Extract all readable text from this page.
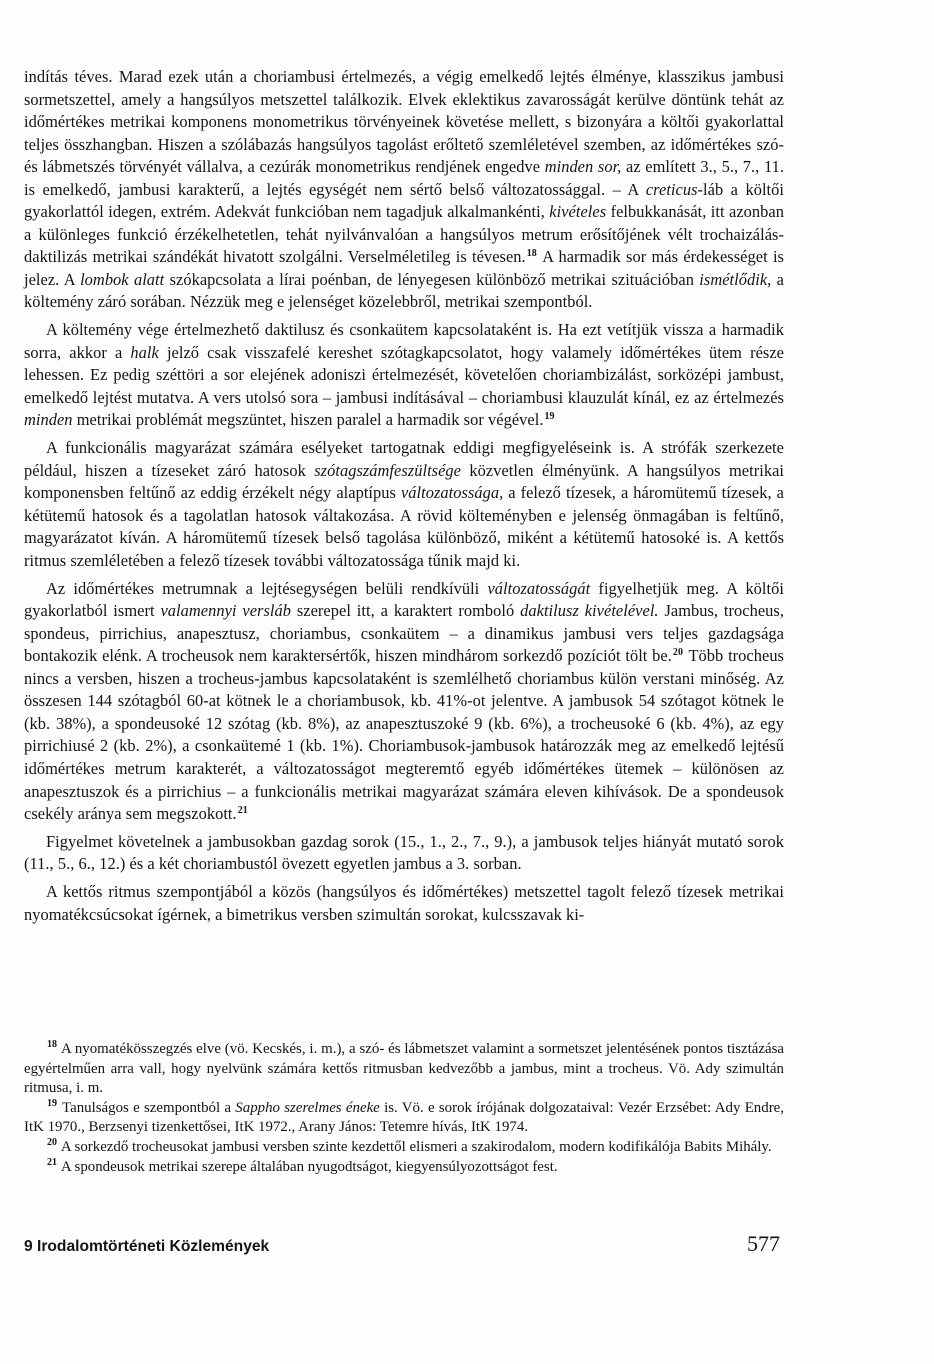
indítás téves. Marad ezek után a choriambusi értelmezés, a végig emelkedő lejtés élménye, klasszikus jambusi sormetszettel, amely a hangsúlyos metszettel találkozik. Elvek eklektikus zavarosságát kerülve döntünk tehát az időmértékes metrikai komponens monometrikus törvényeinek követése mellett, s bizonyára a költői gyakorlattal teljes összhangban. Hiszen a szólábazás hangsúlyos tagolást erőltető szemléletével szemben, az időmértékes szó- és lábmetszés törvényét vállalva, a cezúrák monometrikus rendjének engedve minden sor, az említett 3., 5., 7., 11. is emelkedő, jambusi karakterű, a lejtés egységét nem sértő belső változatossággal. – A creticus-láb a költői gyakorlattól idegen, extrém. Adekvát funkcióban nem tagadjuk alkalmankénti, kivételes felbukkanását, itt azonban a különleges funkció érzékelhetetlen, tehát nyilvánvalóan a hangsúlyos metrum erősítőjének vélt trochaizálás-daktilizás metrikai szándékát hivatott szolgálni. Verselméletileg is tévesen.$^{18}$ A harmadik sor más érdekességet is jelez. A lombok alatt szókapcsolata a lírai poénban, de lényegesen különböző metrikai szituációban ismétlődik, a költemény záró sorában. Nézzük meg e jelenséget közelebbről, metrikai szempontból.

A költemény vége értelmezhető daktilusz és csonkaütem kapcsolataként is. Ha ezt vetítjük vissza a harmadik sorra, akkor a halk jelző csak visszafelé kereshet szótagkapcsolatot, hogy valamely időmértékes ütem része lehessen. Ez pedig széttöri a sor elejének adoniszi értelmezését, követelően choriambizálást, sorközépi jambust, emelkedő lejtést mutatva. A vers utolsó sora – jambusi indításával – choriambusi klauzulát kínál, ez az értelmezés minden metrikai problémát megszüntet, hiszen paralel a harmadik sor végével.$^{19}$

A funkcionális magyarázat számára esélyeket tartogatnak eddigi megfigyeléseink is. A strófák szerkezete például, hiszen a tízeseket záró hatosok szótagszámfeszültsége közvetlen élményünk. A hangsúlyos metrikai komponensben feltűnő az eddig érzékelt négy alaptípus változatossága, a felező tízesek, a háromütemű tízesek, a kétütemű hatosok és a tagolatlan hatosok váltakozása. A rövid költeményben e jelenség önmagában is feltűnő, magyarázatot kíván. A háromütemű tízesek belső tagolása különböző, miként a kétütemű hatosoké is. A kettős ritmus szemléletében a felező tízesek további változatossága tűnik majd ki.

Az időmértékes metrumnak a lejtésegységen belüli rendkívüli változatosságát figyelhetjük meg. A költői gyakorlatból ismert valamennyi versláb szerepel itt, a karaktert romboló daktilusz kivételével. Jambus, trocheus, spondeus, pirrichius, anapesztusz, choriambus, csonkaütem – a dinamikus jambusi vers teljes gazdagsága bontakozik elénk. A trocheusok nem karaktersértők, hiszen mindhárom sorkezdő pozíciót tölt be.$^{20}$ Több trocheus nincs a versben, hiszen a trocheus-jambus kapcsolataként is szemlélhető choriambus külön verstani minőség. Az összesen 144 szótagból 60-at kötnek le a choriambusok, kb. 41%-ot jelentve. A jambusok 54 szótagot kötnek le (kb. 38%), a spondeusoké 12 szótag (kb. 8%), az anapesztuszoké 9 (kb. 6%), a trocheusoké 6 (kb. 4%), az egy pirrichiusé 2 (kb. 2%), a csonkaütemé 1 (kb. 1%). Choriambusok-jambusok határozzák meg az emelkedő lejtésű időmértékes metrum karakterét, a változatosságot megteremtő egyéb időmértékes ütemek – különösen az anapesztuszok és a pirrichius – a funkcionális metrikai magyarázat számára eleven kihívások. De a spondeusok csekély aránya sem megszokott.$^{21}$

Figyelmet követelnek a jambusokban gazdag sorok (15., 1., 2., 7., 9.), a jambusok teljes hiányát mutató sorok (11., 5., 6., 12.) és a két choriambustól övezett egyetlen jambus a 3. sorban.

A kettős ritmus szempontjából a közös (hangsúlyos és időmértékes) metszettel tagolt felező tízesek metrikai nyomatékcsúcsokat ígérnek, a bimetrikus versben szimultán sorokat, kulcsszavak ki-

$^{18}$ A nyomatékösszegzés elve (vö. Kecskés, i. m.), a szó- és lábmetszet valamint a sormetszet jelentésének pontos tisztázása egyértelműen arra vall, hogy nyelvünk számára kettős ritmusban kedvezőbb a jambus, mint a trocheus. Vö. Ady szimultán ritmusa, i. m.

$^{19}$ Tanulságos e szempontból a Sappho szerelmes éneke is. Vö. e sorok írójának dolgozataival: Vezér Erzsébet: Ady Endre, ItK 1970., Berzsenyi tizenkettősei, ItK 1972., Arany János: Tetemre hívás, ItK 1974.

$^{20}$ A sorkezdő trocheusokat jambusi versben szinte kezdettől elismeri a szakirodalom, modern kodifikálója Babits Mihály.

$^{21}$ A spondeusok metrikai szerepe általában nyugodtságot, kiegyensúlyozottságot fest.

9 Irodalomtörténeti Közlemények	577
